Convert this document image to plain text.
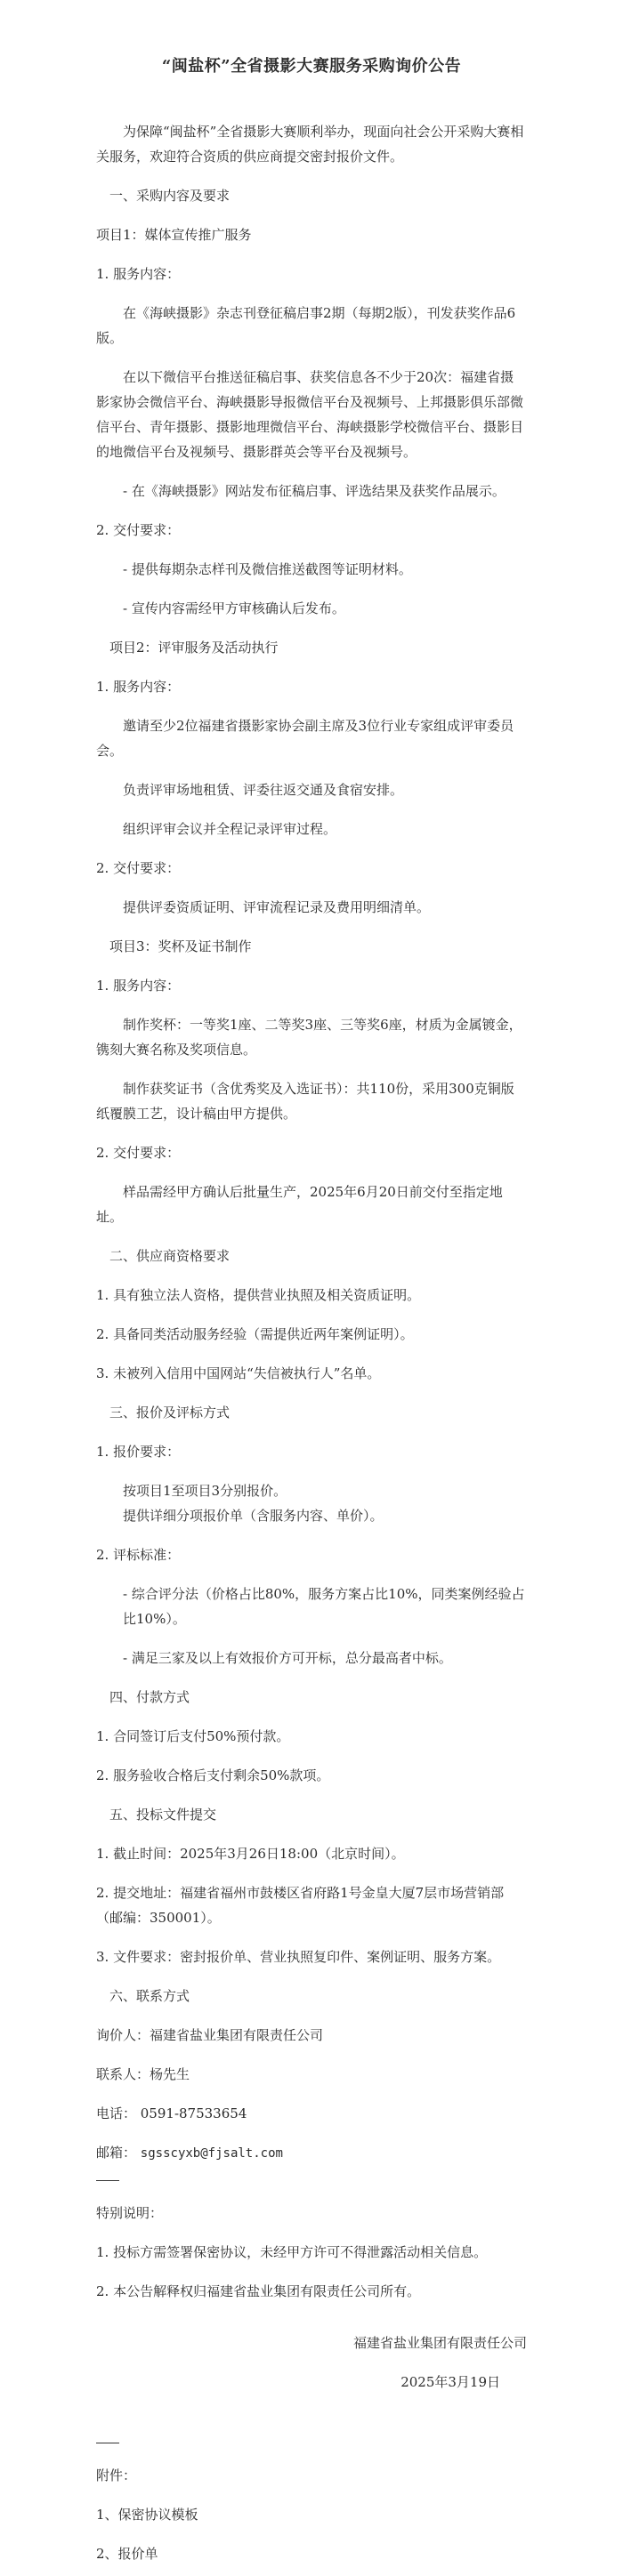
“闽盐杯”全省摄影大赛服务采购询价公告

为保障“闽盐杯”全省摄影大赛顺利举办，现面向社会公开采购大赛相关服务，欢迎符合资质的供应商提交密封报价文件。

一、采购内容及要求

项目1：媒体宣传推广服务

1. 服务内容：

在《海峡摄影》杂志刊登征稿启事2期（每期2版），刊发获奖作品6版。

在以下微信平台推送征稿启事、获奖信息各不少于20次：福建省摄影家协会微信平台、海峡摄影导报微信平台及视频号、上邦摄影俱乐部微信平台、青年摄影、摄影地理微信平台、海峡摄影学校微信平台、摄影目的地微信平台及视频号、摄影群英会等平台及视频号。

- 在《海峡摄影》网站发布征稿启事、评选结果及获奖作品展示。

2. 交付要求：

- 提供每期杂志样刊及微信推送截图等证明材料。

- 宣传内容需经甲方审核确认后发布。

项目2：评审服务及活动执行

1. 服务内容：

邀请至少2位福建省摄影家协会副主席及3位行业专家组成评审委员会。

负责评审场地租赁、评委往返交通及食宿安排。

组织评审会议并全程记录评审过程。

2. 交付要求：

提供评委资质证明、评审流程记录及费用明细清单。

项目3：奖杯及证书制作

1. 服务内容：

制作奖杯：一等奖1座、二等奖3座、三等奖6座，材质为金属镀金，镌刻大赛名称及奖项信息。

制作获奖证书（含优秀奖及入选证书）：共110份，采用300克铜版纸覆膜工艺，设计稿由甲方提供。

2. 交付要求：

样品需经甲方确认后批量生产，2025年6月20日前交付至指定地址。

二、供应商资格要求

1. 具有独立法人资格，提供营业执照及相关资质证明。

2. 具备同类活动服务经验（需提供近两年案例证明）。

3. 未被列入信用中国网站“失信被执行人”名单。

三、报价及评标方式

1. 报价要求：

按项目1至项目3分别报价。

提供详细分项报价单（含服务内容、单价）。

2. 评标标准：

- 综合评分法（价格占比80%，服务方案占比10%，同类案例经验占比10%）。

- 满足三家及以上有效报价方可开标，总分最高者中标。

四、付款方式

1. 合同签订后支付50%预付款。

2. 服务验收合格后支付剩余50%款项。

五、投标文件提交

1. 截止时间：2025年3月26日18:00（北京时间）。

2. 提交地址：福建省福州市鼓楼区省府路1号金皇大厦7层市场营销部（邮编：350001）。

3. 文件要求：密封报价单、营业执照复印件、案例证明、服务方案。

六、联系方式

询价人：福建省盐业集团有限责任公司

联系人：杨先生

电话： 0591-87533654

邮箱： sgsscyxb@fjsalt.com

特别说明：

1. 投标方需签署保密协议，未经甲方许可不得泄露活动相关信息。

2. 本公告解释权归福建省盐业集团有限责任公司所有。

福建省盐业集团有限责任公司

2025年3月19日

附件：

1、保密协议模板

2、报价单
